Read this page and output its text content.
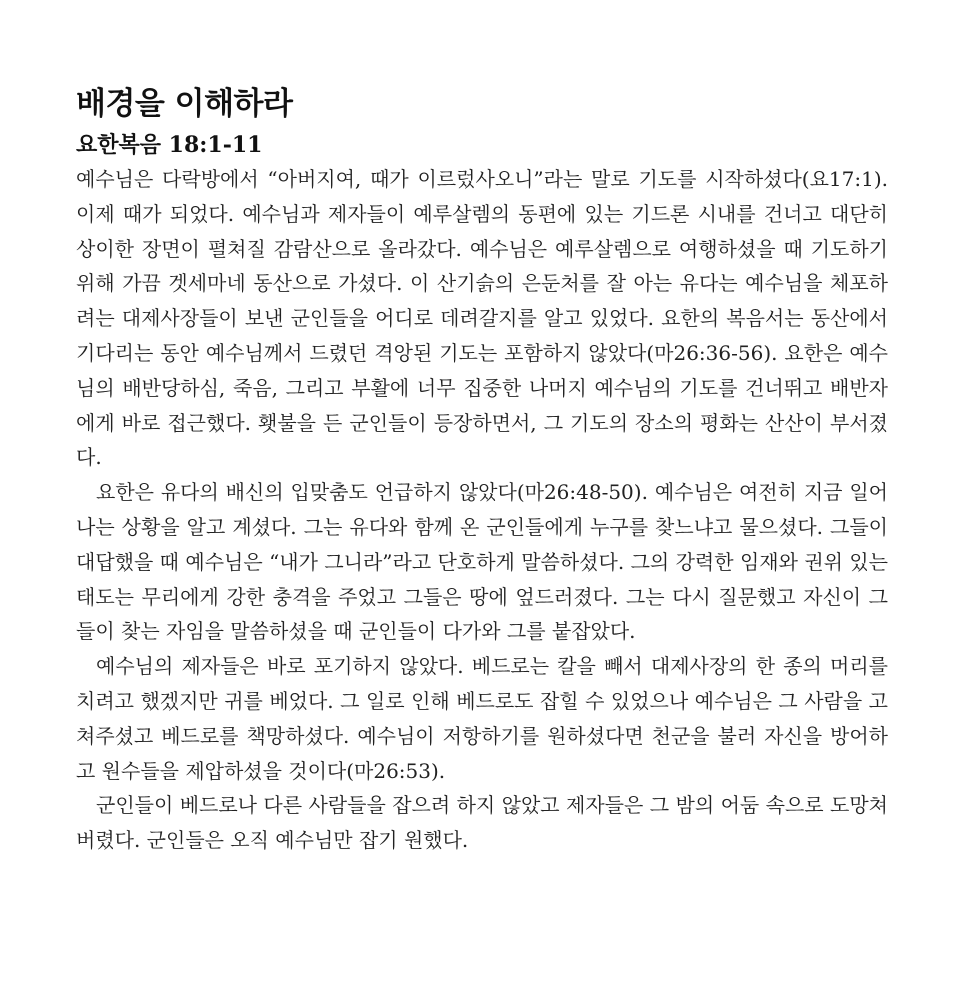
배경을 이해하라
요한복음 18:1-11

예수님은 다락방에서 “아버지여, 때가 이르렀사오니”라는 말로 기도를 시작하셨다(요17:1). 이제 때가 되었다. 예수님과 제자들이 예루살렘의 동편에 있는 기드론 시내를 건너고 대단히 상이한 장면이 펼쳐질 감람산으로 올라갔다. 예수님은 예루살렘으로 여행하셨을 때 기도하기 위해 가끔 겟세마네 동산으로 가셨다. 이 산기슭의 은둔처를 잘 아는 유다는 예수님을 체포하려는 대제사장들이 보낸 군인들을 어디로 데려갈지를 알고 있었다. 요한의 복음서는 동산에서 기다리는 동안 예수님께서 드렸던 격앙된 기도는 포함하지 않았다(마26:36-56). 요한은 예수님의 배반당하심, 죽음, 그리고 부활에 너무 집중한 나머지 예수님의 기도를 건너뛰고 배반자에게 바로 접근했다. 횃불을 든 군인들이 등장하면서, 그 기도의 장소의 평화는 산산이 부서졌다.

요한은 유다의 배신의 입맞춤도 언급하지 않았다(마26:48-50). 예수님은 여전히 지금 일어나는 상황을 알고 계셨다. 그는 유다와 함께 온 군인들에게 누구를 찾느냐고 물으셨다. 그들이 대답했을 때 예수님은 “내가 그니라”라고 단호하게 말씀하셨다. 그의 강력한 임재와 권위 있는 태도는 무리에게 강한 충격을 주었고 그들은 땅에 엎드러졌다. 그는 다시 질문했고 자신이 그들이 찾는 자임을 말씀하셨을 때 군인들이 다가와 그를 붙잡았다.

예수님의 제자들은 바로 포기하지 않았다. 베드로는 칼을 빼서 대제사장의 한 종의 머리를 치려고 했겠지만 귀를 베었다. 그 일로 인해 베드로도 잡힐 수 있었으나 예수님은 그 사람을 고쳐주셨고 베드로를 책망하셨다. 예수님이 저항하기를 원하셨다면 천군을 불러 자신을 방어하고 원수들을 제압하셨을 것이다(마26:53).

군인들이 베드로나 다른 사람들을 잡으려 하지 않았고 제자들은 그 밤의 어둠 속으로 도망쳐버렸다. 군인들은 오직 예수님만 잡기 원했다.
